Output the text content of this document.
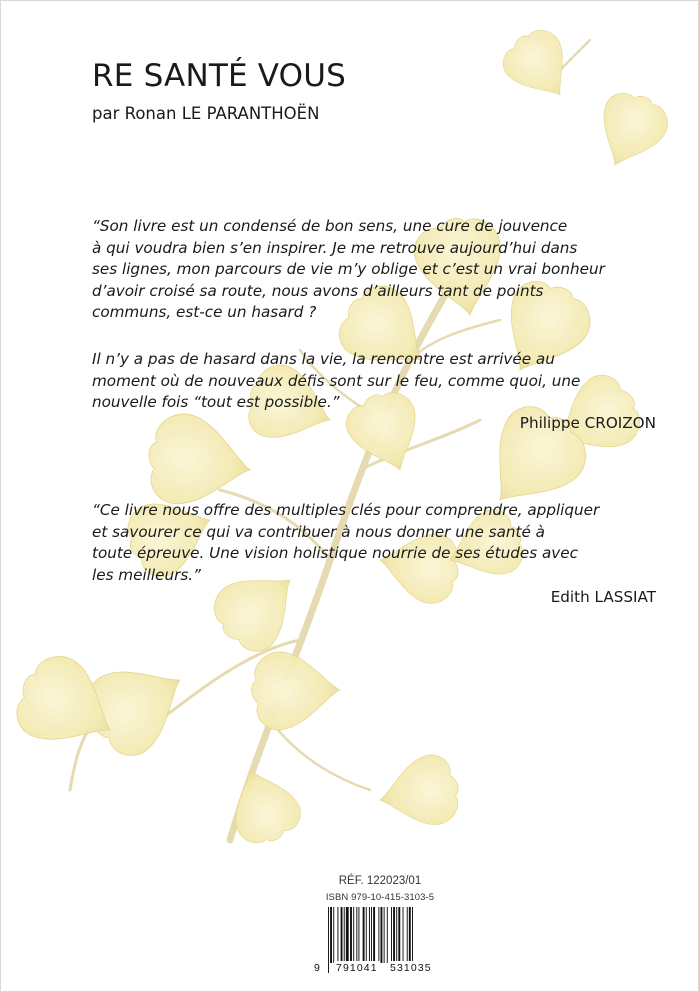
RE SANTÉ VOUS
par Ronan LE PARANTHOËN
“Son livre est un condensé de bon sens, une cure de jouvence
à qui voudra bien s’en inspirer. Je me retrouve aujourd’hui dans
ses lignes, mon parcours de vie m’y oblige et c’est un vrai bonheur
d’avoir croisé sa route, nous avons d’ailleurs tant de points
communs, est-ce un hasard ?
Il n’y a pas de hasard dans la vie, la rencontre est arrivée au
moment où de nouveaux défis sont sur le feu, comme quoi, une
nouvelle fois “tout est possible.”
Philippe CROIZON
“Ce livre nous offre des multiples clés pour comprendre, appliquer
et savourer ce qui va contribuer à nous donner une santé à
toute épreuve. Une vision holistique nourrie de ses études avec
les meilleurs.”
Edith LASSIAT
RÉF. 122023/01
ISBN 979-10-415-3103-5
9 791041 531035
